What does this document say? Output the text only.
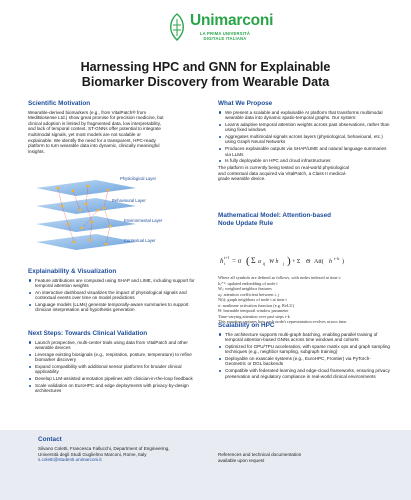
Unimarconi
LA PRIMA UNIVERSITÀ
DIGITALE ITALIANA
Harnessing HPC and GNN for Explainable
Biomarker Discovery from Wearable Data
Scientific Motivation
Wearable-derived biomarkers (e.g., from VitalPatch® from
MediBiosense Ltd.) show great promise for precision medicine, but
clinical adoption is limited by fragmented data, low interpretability,
and lack of temporal context. ST-GNNs offer potential to integrate
multimodal signals, yet most models are not scalable or
explainable. We identify the need for a transparent, HPC-ready
platform to turn wearable data into dynamic, clinically meaningful
insights.
Physiological Layer
Behavioural Layer
Environmental Layer
Contextual Layer
Explainability & Visualization
Feature attributions are computed using SHAP and LIME, including support for temporal attention weights
An interactive dashboard visualizes the impact of physiological signals and contextual events over time on model predictions
Language models (LLMs) generate temporally-aware summaries to support clinician interpretation and hypothesis generation
Next Steps: Towards Clinical Validation
Launch prospective, multi-center trials using data from VitalPatch and other wearable devices
Leverage existing biosignals (e.g., respiration, posture, temperature) to refine biomarker discovery
Expand compatibility with additional sensor platforms for broader clinical applicability
Develop LLM-assisted annotation pipelines with clinician-in-the-loop feedback
Scale validation on EuroHPC and edge deployments with privacy-by-design architectures
What We Propose
We present a scalable and explainable AI platform that transforms multimodal wearable data into dynamic spatio-temporal graphs. Our system:
Learns adaptive temporal attention weights across past observations, rather than using fixed windows
Aggregates multimodal signals across layers (physiological, behavioural, etc.) using Graph Neural Networks
Produces explainable outputs via SHAP/LIME and natural language summaries via LLMs
Is fully deployable on HPC and cloud infrastructures
The platform is currently being tested on real-world physiological
and contextual data acquired via VitalPatch, a Class II medical-
grade wearable device.
Mathematical Model: Attention-based
Node Update Rule
h t+1
i = σ ( Σ a ij W h j ) + Σ Θ Att( h
t−k
)
Where all symbols are defined as follows, with nodes indexed at time t:
hᵢᵗ⁺¹: updated embedding of node i
Wᵢ: weighted neighbor features
aᵢⱼ: attention coefficient between i, j
N(i): graph neighbors of node i at time t
σ: nonlinear activation function (e.g. ReLU)
Θ: learnable temporal window parameter
Time-varying attention over past steps t-k
This equation captures how each node's representation evolves across time.
Scalability on HPC
The architecture supports multi-graph batching, enabling parallel training of temporal attention-based GNNs across time windows and cohorts
Optimized for GPU/TPU acceleration, with sparse matrix ops and graph sampling techniques (e.g., neighbor sampling, subgraph training)
Deployable on exascale systems (e.g., EuroHPC, Frontier) via PyTorch-Geometric or DGL backends
Compatible with federated learning and edge-cloud frameworks, ensuring privacy preservation and regulatory compliance in real-world clinical environments
Contact
Silvano Coletti, Francesca Fallucchi, Department of Engineering,
Università degli Studi Guglielmo Marconi, Rome, Italy
s.coletti@studenti.unimarconi.it
References and technical documentation
available upon request
